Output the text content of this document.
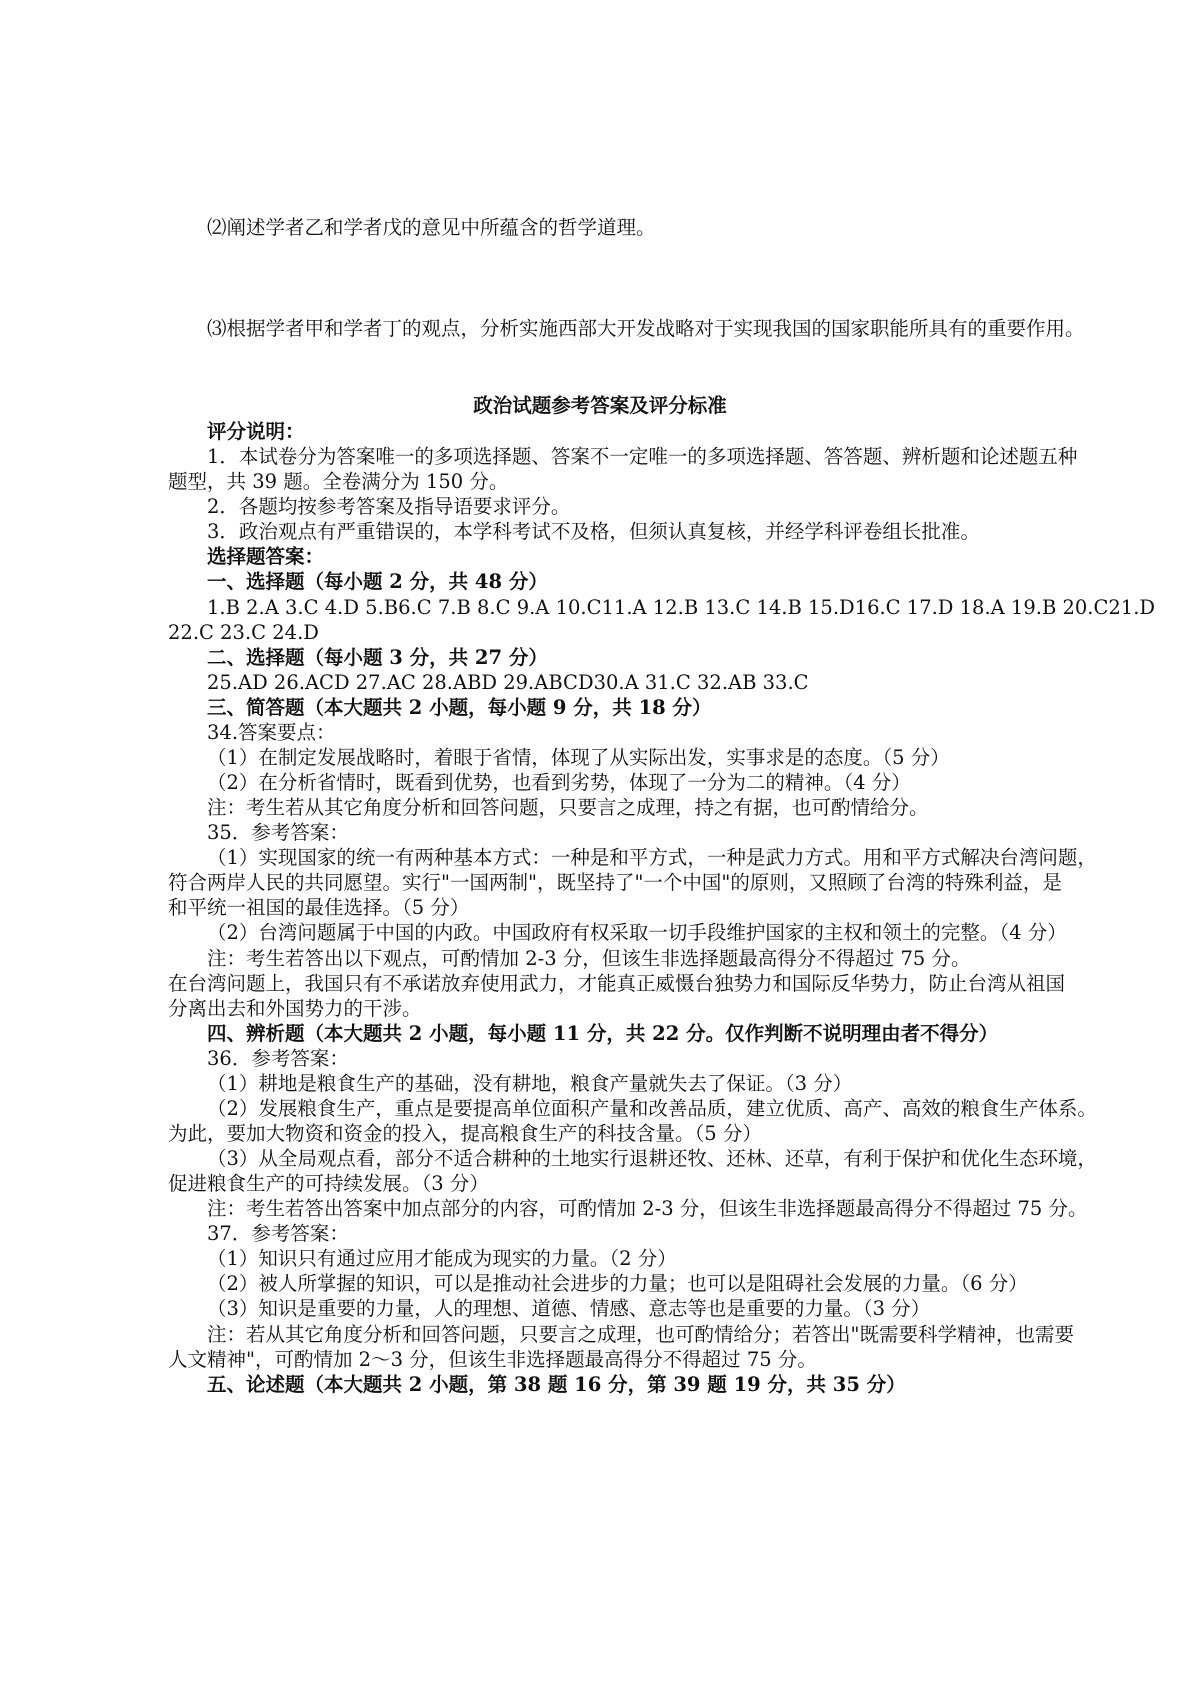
⑵阐述学者乙和学者戊的意见中所蕴含的哲学道理。
⑶根据学者甲和学者丁的观点，分析实施西部大开发战略对于实现我国的国家职能所具有的重要作用。
政治试题参考答案及评分标准
评分说明：
1．本试卷分为答案唯一的多项选择题、答案不一定唯一的多项选择题、答答题、辨析题和论述题五种
题型，共 39 题。全卷满分为 150 分。
2．各题均按参考答案及指导语要求评分。
3．政治观点有严重错误的，本学科考试不及格，但须认真复核，并经学科评卷组长批准。
选择题答案：
一、选择题（每小题 2 分，共 48 分）
1.B 2.A 3.C 4.D 5.B6.C 7.B 8.C 9.A 10.C11.A 12.B 13.C 14.B 15.D16.C 17.D 18.A 19.B 20.C21.D
22.C 23.C 24.D
二、选择题（每小题 3 分，共 27 分）
25.AD 26.ACD 27.AC 28.ABD 29.ABCD30.A 31.C 32.AB 33.C
三、简答题（本大题共 2 小题，每小题 9 分，共 18 分）
34.答案要点：
（1）在制定发展战略时，着眼于省情，体现了从实际出发，实事求是的态度。（5 分）
（2）在分析省情时，既看到优势，也看到劣势，体现了一分为二的精神。（4 分）
注：考生若从其它角度分析和回答问题，只要言之成理，持之有据，也可酌情给分。
35．参考答案：
（1）实现国家的统一有两种基本方式：一种是和平方式，一种是武力方式。用和平方式解决台湾问题，
符合两岸人民的共同愿望。实行"一国两制"，既坚持了"一个中国"的原则，又照顾了台湾的特殊利益，是
和平统一祖国的最佳选择。（5 分）
（2）台湾问题属于中国的内政。中国政府有权采取一切手段维护国家的主权和领土的完整。（4 分）
注：考生若答出以下观点，可酌情加 2-3 分，但该生非选择题最高得分不得超过 75 分。
在台湾问题上，我国只有不承诺放弃使用武力，才能真正威慑台独势力和国际反华势力，防止台湾从祖国
分离出去和外国势力的干涉。
四、辨析题（本大题共 2 小题，每小题 11 分，共 22 分。仅作判断不说明理由者不得分）
36．参考答案：
（1）耕地是粮食生产的基础，没有耕地，粮食产量就失去了保证。（3 分）
（2）发展粮食生产，重点是要提高单位面积产量和改善品质，建立优质、高产、高效的粮食生产体系。
为此，要加大物资和资金的投入，提高粮食生产的科技含量。（5 分）
（3）从全局观点看，部分不适合耕种的土地实行退耕还牧、还林、还草，有利于保护和优化生态环境，
促进粮食生产的可持续发展。（3 分）
注：考生若答出答案中加点部分的内容，可酌情加 2-3 分，但该生非选择题最高得分不得超过 75 分。
37．参考答案：
（1）知识只有通过应用才能成为现实的力量。（2 分）
（2）被人所掌握的知识，可以是推动社会进步的力量；也可以是阻碍社会发展的力量。（6 分）
（3）知识是重要的力量，人的理想、道德、情感、意志等也是重要的力量。（3 分）
注：若从其它角度分析和回答问题，只要言之成理，也可酌情给分；若答出"既需要科学精神，也需要
人文精神"，可酌情加 2～3 分，但该生非选择题最高得分不得超过 75 分。
五、论述题（本大题共 2 小题，第 38 题 16 分，第 39 题 19 分，共 35 分）
